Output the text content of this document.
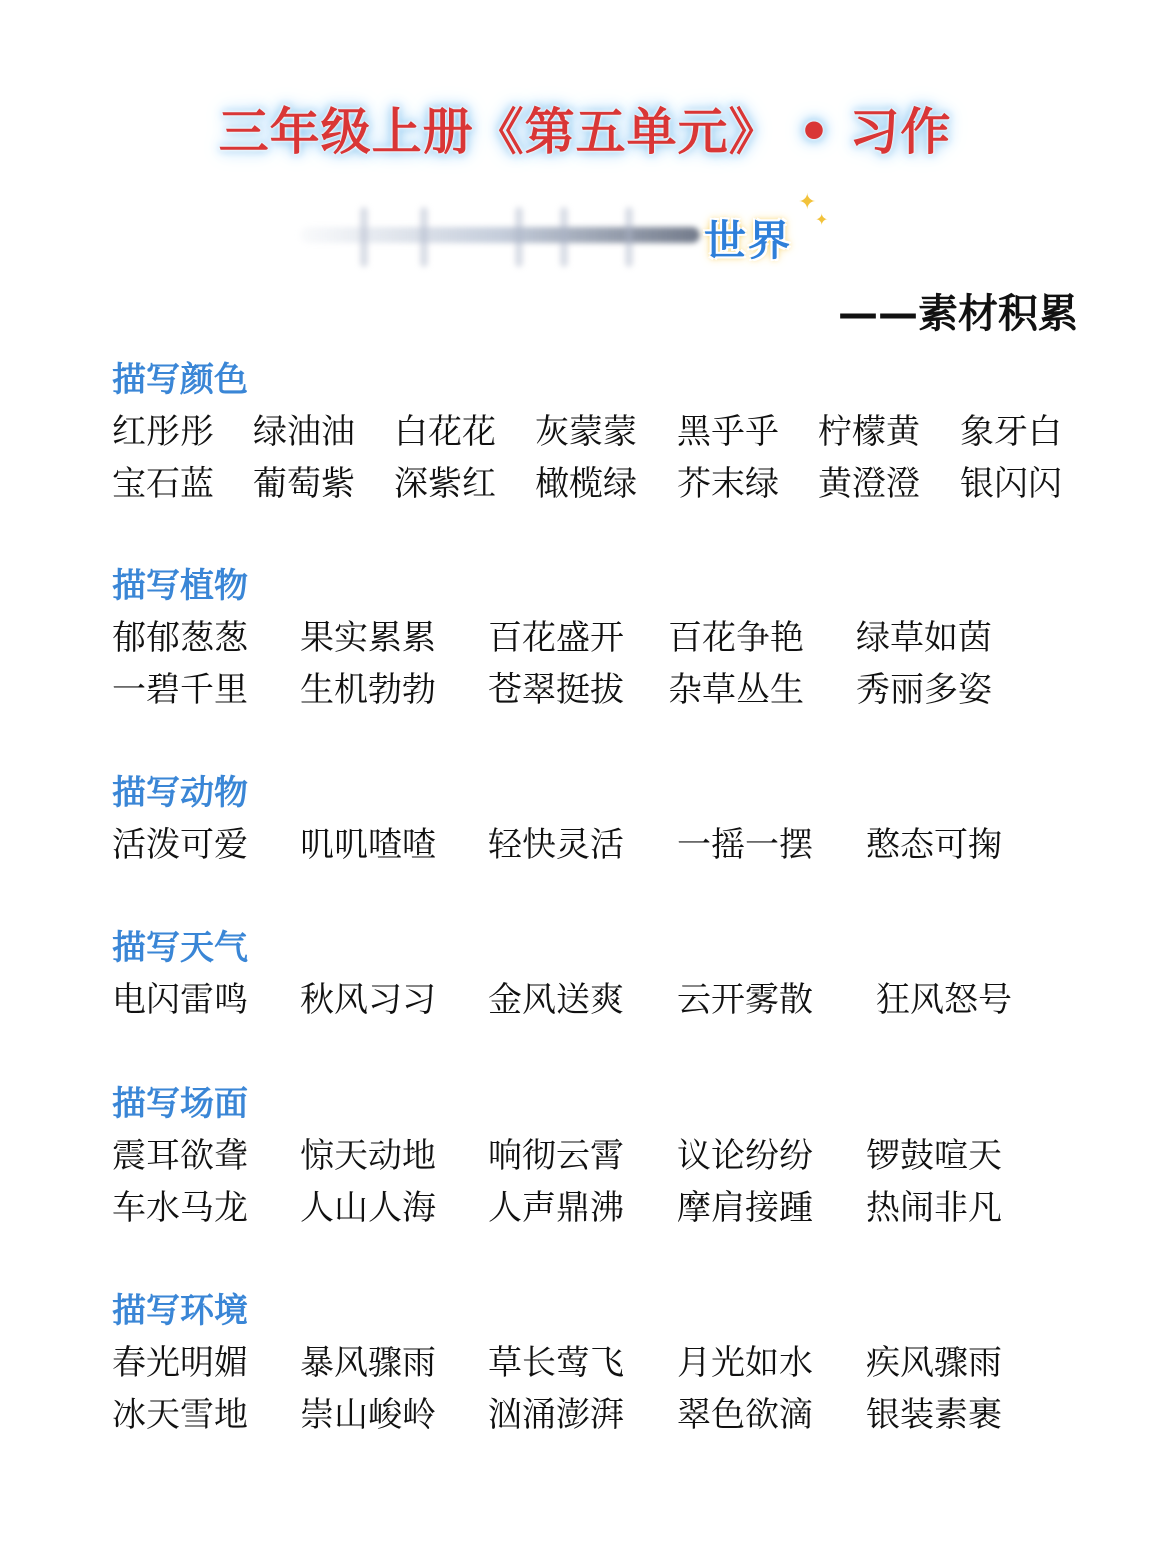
三年级上册《第五单元》 • 习作
世界
✦
✦
——素材积累
描写颜色
红彤彤 绿油油 白花花 灰蒙蒙 黑乎乎 柠檬黄 象牙白
宝石蓝 葡萄紫 深紫红 橄榄绿 芥末绿 黄澄澄 银闪闪
描写植物
郁郁葱葱 果实累累 百花盛开 百花争艳 绿草如茵
一碧千里 生机勃勃 苍翠挺拔 杂草丛生 秀丽多姿
描写动物
活泼可爱 叽叽喳喳 轻快灵活 一摇一摆 憨态可掬
描写天气
电闪雷鸣 秋风习习 金风送爽 云开雾散 狂风怒号
描写场面
震耳欲聋 惊天动地 响彻云霄 议论纷纷 锣鼓喧天
车水马龙 人山人海 人声鼎沸 摩肩接踵 热闹非凡
描写环境
春光明媚 暴风骤雨 草长莺飞 月光如水 疾风骤雨
冰天雪地 崇山峻岭 汹涌澎湃 翠色欲滴 银装素裹
